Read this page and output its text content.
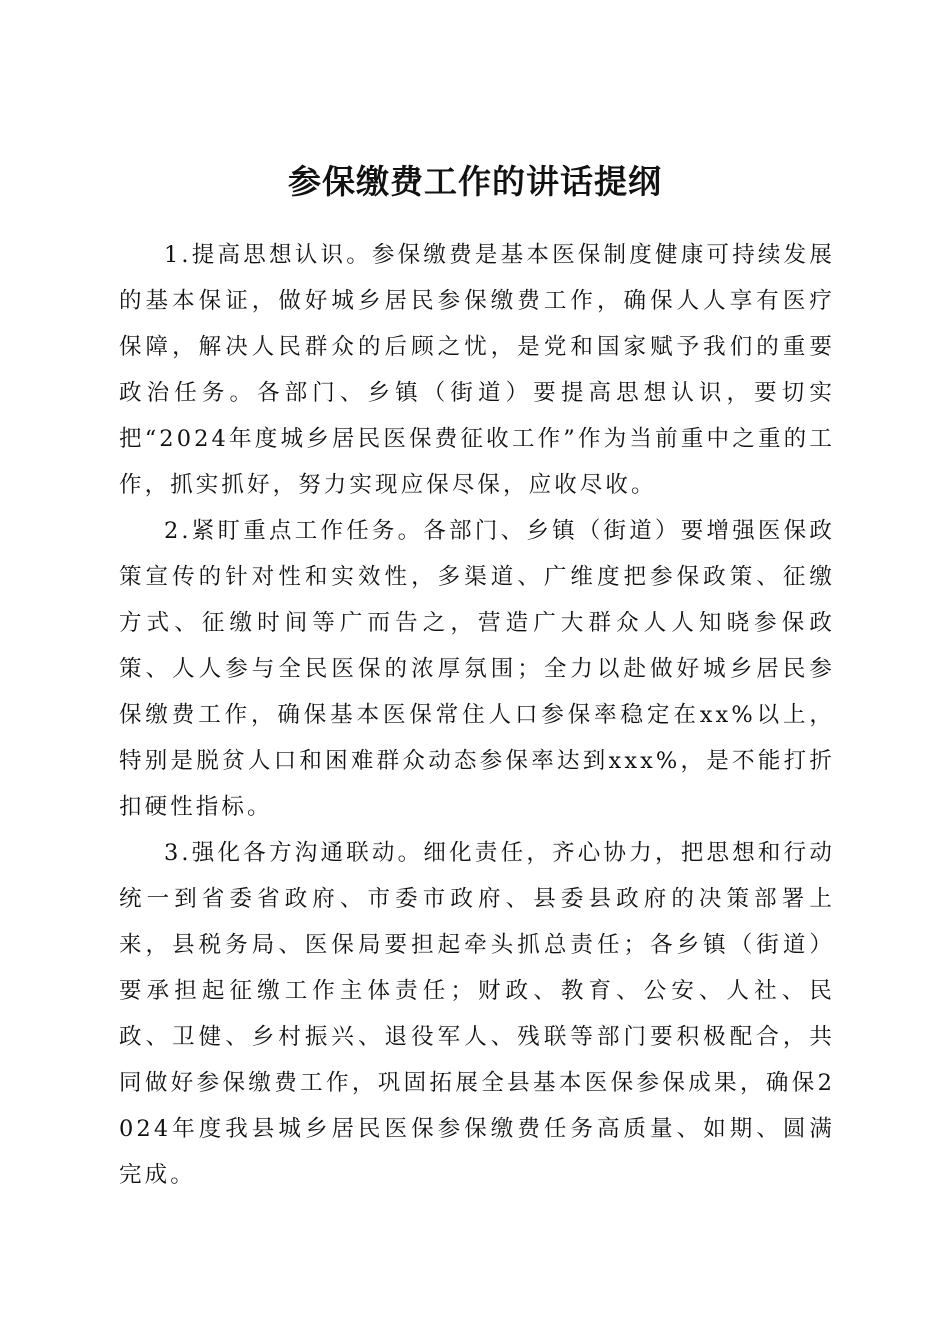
参保缴费工作的讲话提纲

1.提高思想认识。参保缴费是基本医保制度健康可持续发展的基本保证，做好城乡居民参保缴费工作，确保人人享有医疗保障，解决人民群众的后顾之忧，是党和国家赋予我们的重要政治任务。各部门、乡镇（街道）要提高思想认识，要切实把“2024年度城乡居民医保费征收工作”作为当前重中之重的工作，抓实抓好，努力实现应保尽保，应收尽收。

2.紧盯重点工作任务。各部门、乡镇（街道）要增强医保政策宣传的针对性和实效性，多渠道、广维度把参保政策、征缴方式、征缴时间等广而告之，营造广大群众人人知晓参保政策、人人参与全民医保的浓厚氛围；全力以赴做好城乡居民参保缴费工作，确保基本医保常住人口参保率稳定在xx%以上，特别是脱贫人口和困难群众动态参保率达到xxx%，是不能打折扣硬性指标。

3.强化各方沟通联动。细化责任，齐心协力，把思想和行动统一到省委省政府、市委市政府、县委县政府的决策部署上来，县税务局、医保局要担起牵头抓总责任；各乡镇（街道）要承担起征缴工作主体责任；财政、教育、公安、人社、民政、卫健、乡村振兴、退役军人、残联等部门要积极配合，共同做好参保缴费工作，巩固拓展全县基本医保参保成果，确保2024年度我县城乡居民医保参保缴费任务高质量、如期、圆满完成。
